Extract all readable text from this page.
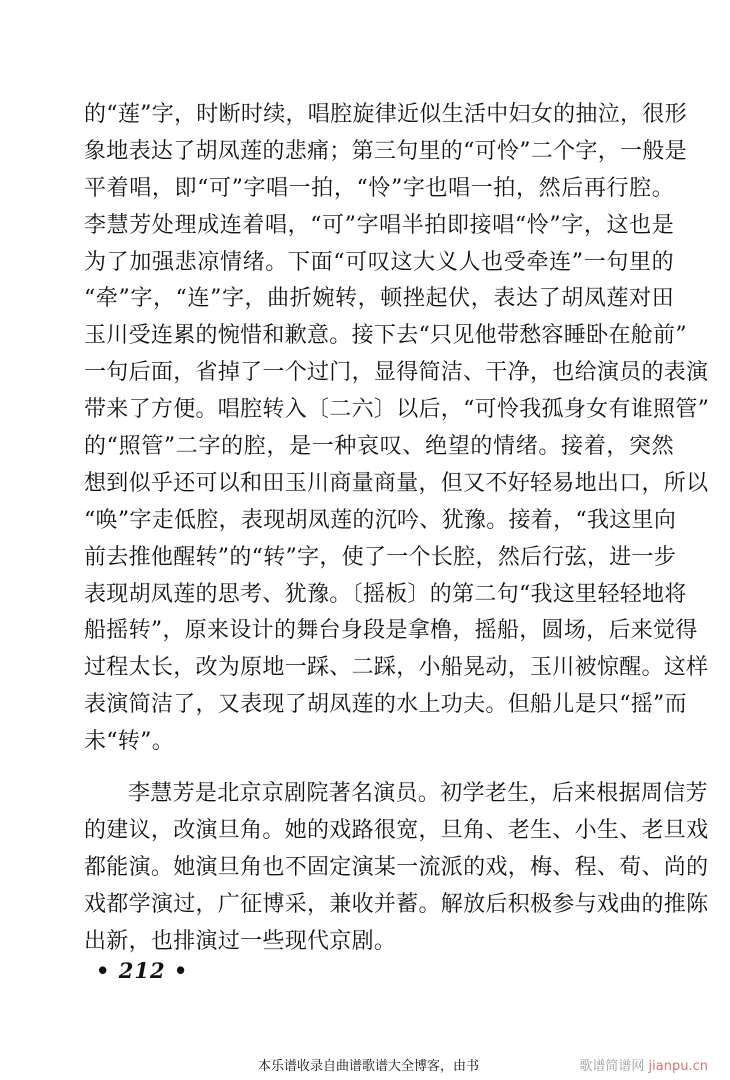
的“莲”字，时断时续，唱腔旋律近似生活中妇女的抽泣，很形
象地表达了胡凤莲的悲痛；第三句里的“可怜”二个字，一般是
平着唱，即“可”字唱一拍，“怜”字也唱一拍，然后再行腔。
李慧芳处理成连着唱，“可”字唱半拍即接唱“怜”字，这也是
为了加强悲凉情绪。下面“可叹这大义人也受牵连”一句里的
“牵”字，“连”字，曲折婉转，顿挫起伏，表达了胡凤莲对田
玉川受连累的惋惜和歉意。接下去“只见他带愁容睡卧在舱前”
一句后面，省掉了一个过门，显得简洁、干净，也给演员的表演
带来了方便。唱腔转入〔二六〕以后，“可怜我孤身女有谁照管”
的“照管”二字的腔，是一种哀叹、绝望的情绪。接着，突然
想到似乎还可以和田玉川商量商量，但又不好轻易地出口，所以
“唤”字走低腔，表现胡凤莲的沉吟、犹豫。接着，“我这里向
前去推他醒转”的“转”字，使了一个长腔，然后行弦，进一步
表现胡凤莲的思考、犹豫。〔摇板〕的第二句“我这里轻轻地将
船摇转”，原来设计的舞台身段是拿橹，摇船，圆场，后来觉得
过程太长，改为原地一踩、二踩，小船晃动，玉川被惊醒。这样
表演简洁了，又表现了胡凤莲的水上功夫。但船儿是只“摇”而
未“转”。
李慧芳是北京京剧院著名演员。初学老生，后来根据周信芳
的建议，改演旦角。她的戏路很宽，旦角、老生、小生、老旦戏
都能演。她演旦角也不固定演某一流派的戏，梅、程、荀、尚的
戏都学演过，广征博采，兼收并蓄。解放后积极参与戏曲的推陈
出新，也排演过一些现代京剧。
• 212 •
本乐谱收录自曲谱歌谱大全博客，由书	歌谱简谱网 jianpu.cn
